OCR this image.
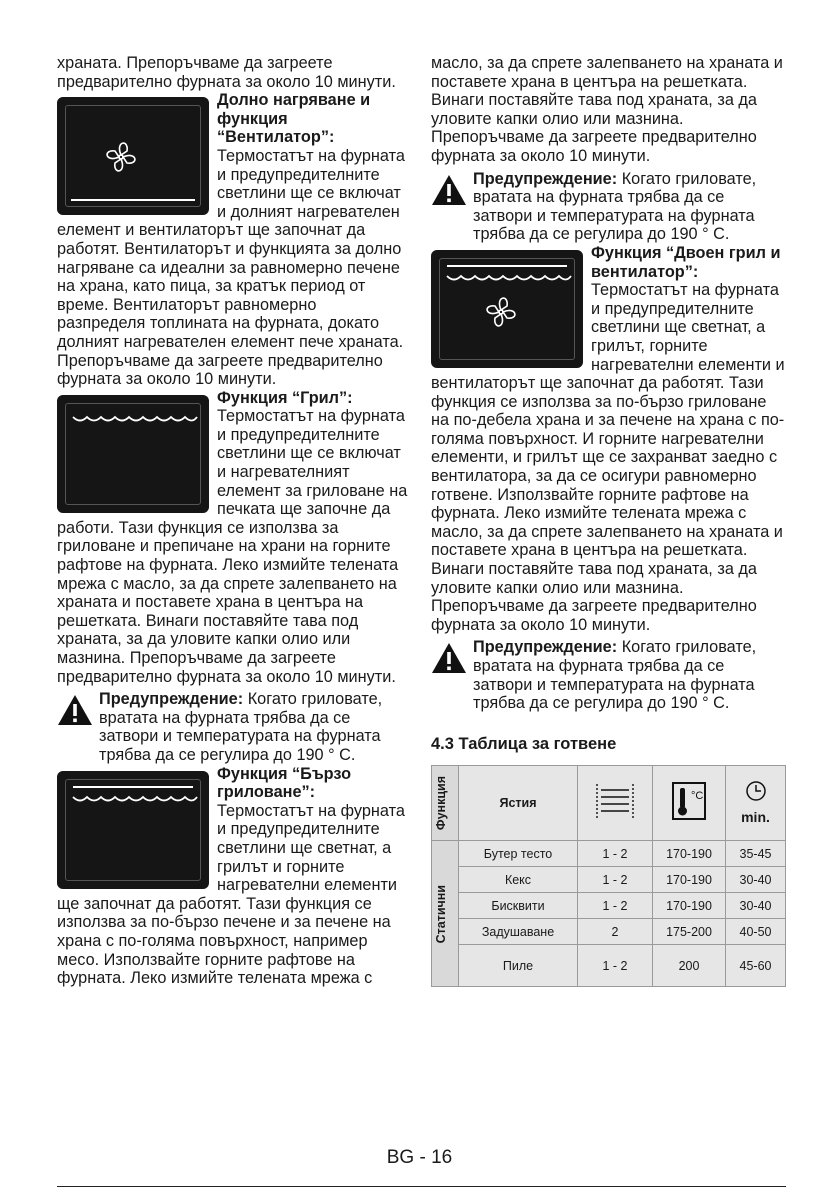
храната. Препоръчваме да загреете предварително фурната за около 10 минути.

Долно нагряване и функция “Вентилатор”: Термостатът на фурната и предупредителните светлини ще се включат и долният нагревателен елемент и вентилаторът ще започнат да работят. Вентилаторът и функцията за долно нагряване са идеални за равномерно печене на храна, като пица, за кратък период от време. Вентилаторът равномерно разпределя топлината на фурната, докато долният нагревателен елемент пече храната. Препоръчваме да загреете предварително фурната за около 10 минути.

Функция “Грил”: Термостатът на фурната и предупредителните светлини ще се включат и нагревателният елемент за гриловане на печката ще започне да работи. Тази функция се използва за гриловане и препичане на храни на горните рафтове на фурната. Леко измийте телената мрежа с масло, за да спрете залепването на храната и поставете храна в центъра на решетката. Винаги поставяйте тава под храната, за да уловите капки олио или мазнина. Препоръчваме да загреете предварително фурната за около 10 минути.

Предупреждение: Когато гриловате, вратата на фурната трябва да се затвори и температурата на фурната трябва да се регулира до 190 ° C.

Функция “Бързо гриловане”: Термостатът на фурната и предупредителните светлини ще светнат, а грилът и горните нагревателни елементи ще започнат да работят. Тази функция се използва за по-бързо печене и за печене на храна с по-голяма повърхност, например месо. Използвайте горните рафтове на фурната. Леко измийте телената мрежа с

масло, за да спрете залепването на храната и поставете храна в центъра на решетката. Винаги поставяйте тава под храната, за да уловите капки олио или мазнина. Препоръчваме да загреете предварително фурната за около 10 минути.

Предупреждение: Когато гриловате, вратата на фурната трябва да се затвори и температурата на фурната трябва да се регулира до 190 ° C.

Функция “Двоен грил и вентилатор”: Термостатът на фурната и предупредителните светлини ще светнат, а грилът, горните нагревателни елементи и вентилаторът ще започнат да работят. Тази функция се използва за по-бързо гриловане на по-дебела храна и за печене на храна с по-голяма повърхност. И горните нагревателни елементи, и грилът ще се захранват заедно с вентилатора, за да се осигури равномерно готвене. Използвайте горните рафтове на фурната. Леко измийте телената мрежа с масло, за да спрете залепването на храната и поставете храна в центъра на решетката. Винаги поставяйте тава под храната, за да уловите капки олио или мазнина. Препоръчваме да загреете предварително фурната за около 10 минути.

Предупреждение: Когато гриловате, вратата на фурната трябва да се затвори и температурата на фурната трябва да се регулира до 190 ° C.
4.3 Таблица за готвене
Функция	Ястия		°C	min.

Статични	Бутер тесто	1 - 2	170-190	35-45
	Кекс	1 - 2	170-190	30-40
	Бисквити	1 - 2	170-190	30-40
	Задушаване	2	175-200	40-50
	Пиле	1 - 2	200	45-60
BG - 16
